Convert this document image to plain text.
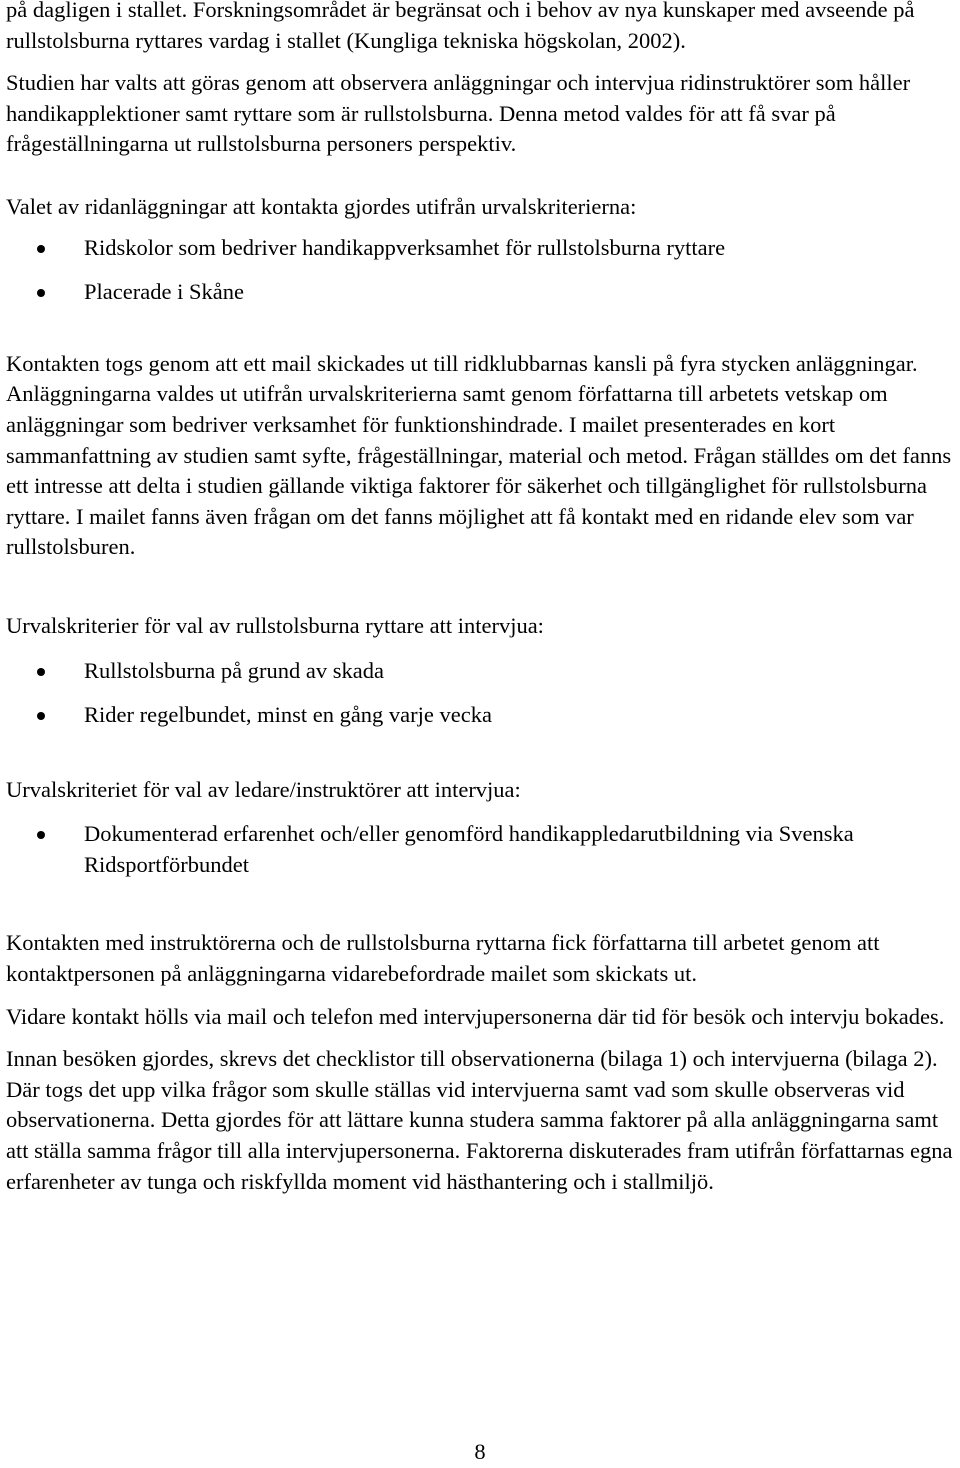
på dagligen i stallet. Forskningsområdet är begränsat och i behov av nya kunskaper med avseende på rullstolsburna ryttares vardag i stallet (Kungliga tekniska högskolan, 2002).

Studien har valts att göras genom att observera anläggningar och intervjua ridinstruktörer som håller handikapplektioner samt ryttare som är rullstolsburna. Denna metod valdes för att få svar på frågeställningarna ut rullstolsburna personers perspektiv.

Valet av ridanläggningar att kontakta gjordes utifrån urvalskriterierna:

Ridskolor som bedriver handikappverksamhet för rullstolsburna ryttare
Placerade i Skåne

Kontakten togs genom att ett mail skickades ut till ridklubbarnas kansli på fyra stycken anläggningar. Anläggningarna valdes ut utifrån urvalskriterierna samt genom författarna till arbetets vetskap om anläggningar som bedriver verksamhet för funktionshindrade. I mailet presenterades en kort sammanfattning av studien samt syfte, frågeställningar, material och metod. Frågan ställdes om det fanns ett intresse att delta i studien gällande viktiga faktorer för säkerhet och tillgänglighet för rullstolsburna ryttare. I mailet fanns även frågan om det fanns möjlighet att få kontakt med en ridande elev som var rullstolsburen.

Urvalskriterier för val av rullstolsburna ryttare att intervjua:

Rullstolsburna på grund av skada
Rider regelbundet, minst en gång varje vecka

Urvalskriteriet för val av ledare/instruktörer att intervjua:

Dokumenterad erfarenhet och/eller genomförd handikappledarutbildning via Svenska Ridsportförbundet

Kontakten med instruktörerna och de rullstolsburna ryttarna fick författarna till arbetet genom att kontaktpersonen på anläggningarna vidarebefordrade mailet som skickats ut.

Vidare kontakt hölls via mail och telefon med intervjupersonerna där tid för besök och intervju bokades.

Innan besöken gjordes, skrevs det checklistor till observationerna (bilaga 1) och intervjuerna (bilaga 2). Där togs det upp vilka frågor som skulle ställas vid intervjuerna samt vad som skulle observeras vid observationerna. Detta gjordes för att lättare kunna studera samma faktorer på alla anläggningarna samt att ställa samma frågor till alla intervjupersonerna. Faktorerna diskuterades fram utifrån författarnas egna erfarenheter av tunga och riskfyllda moment vid hästhantering och i stallmiljö.

8
